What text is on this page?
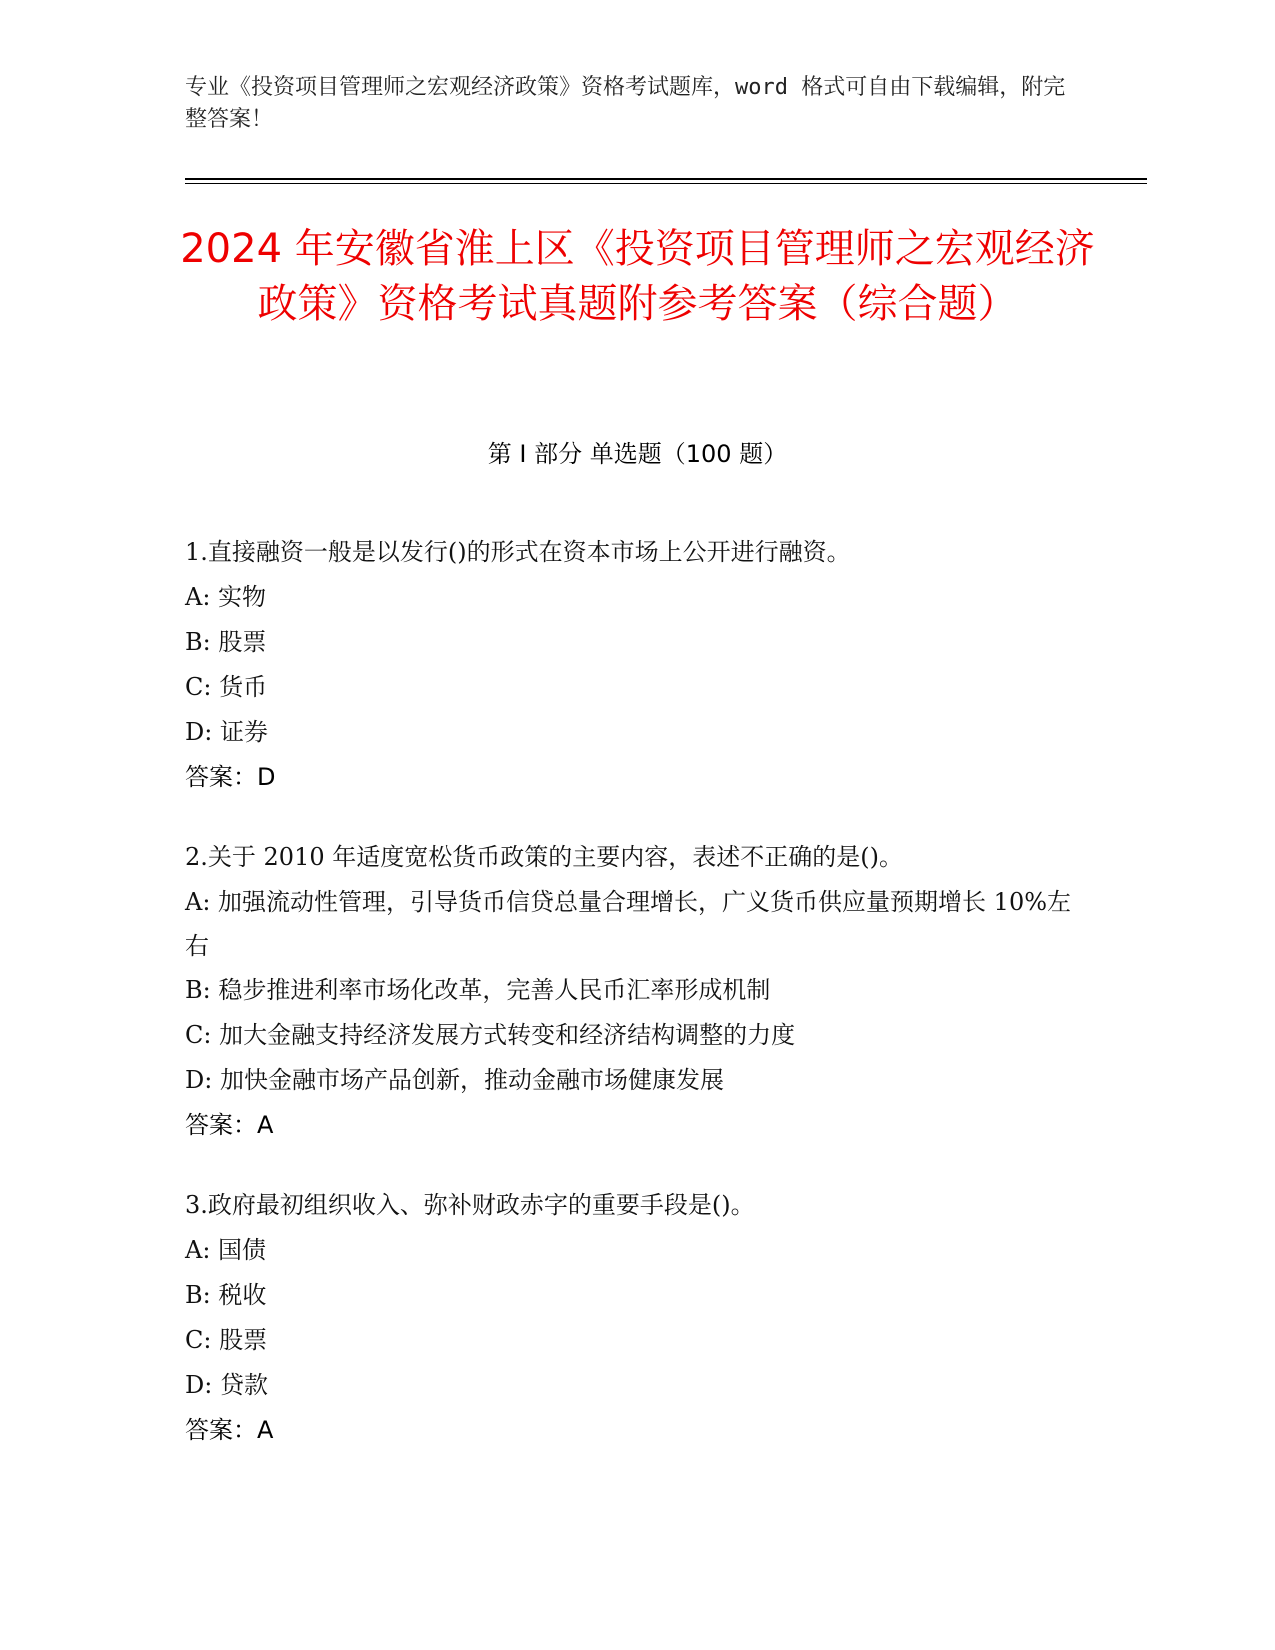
专业《投资项目管理师之宏观经济政策》资格考试题库，word 格式可自由下载编辑，附完整答案！
2024 年安徽省淮上区《投资项目管理师之宏观经济政策》资格考试真题附参考答案（综合题）
第 I 部分 单选题（100 题）
1.直接融资一般是以发行()的形式在资本市场上公开进行融资。
A: 实物
B: 股票
C: 货币
D: 证券
答案：D
2.关于 2010 年适度宽松货币政策的主要内容，表述不正确的是()。
A: 加强流动性管理，引导货币信贷总量合理增长，广义货币供应量预期增长 10%左右
B: 稳步推进利率市场化改革，完善人民币汇率形成机制
C: 加大金融支持经济发展方式转变和经济结构调整的力度
D: 加快金融市场产品创新，推动金融市场健康发展
答案：A
3.政府最初组织收入、弥补财政赤字的重要手段是()。
A: 国债
B: 税收
C: 股票
D: 贷款
答案：A
